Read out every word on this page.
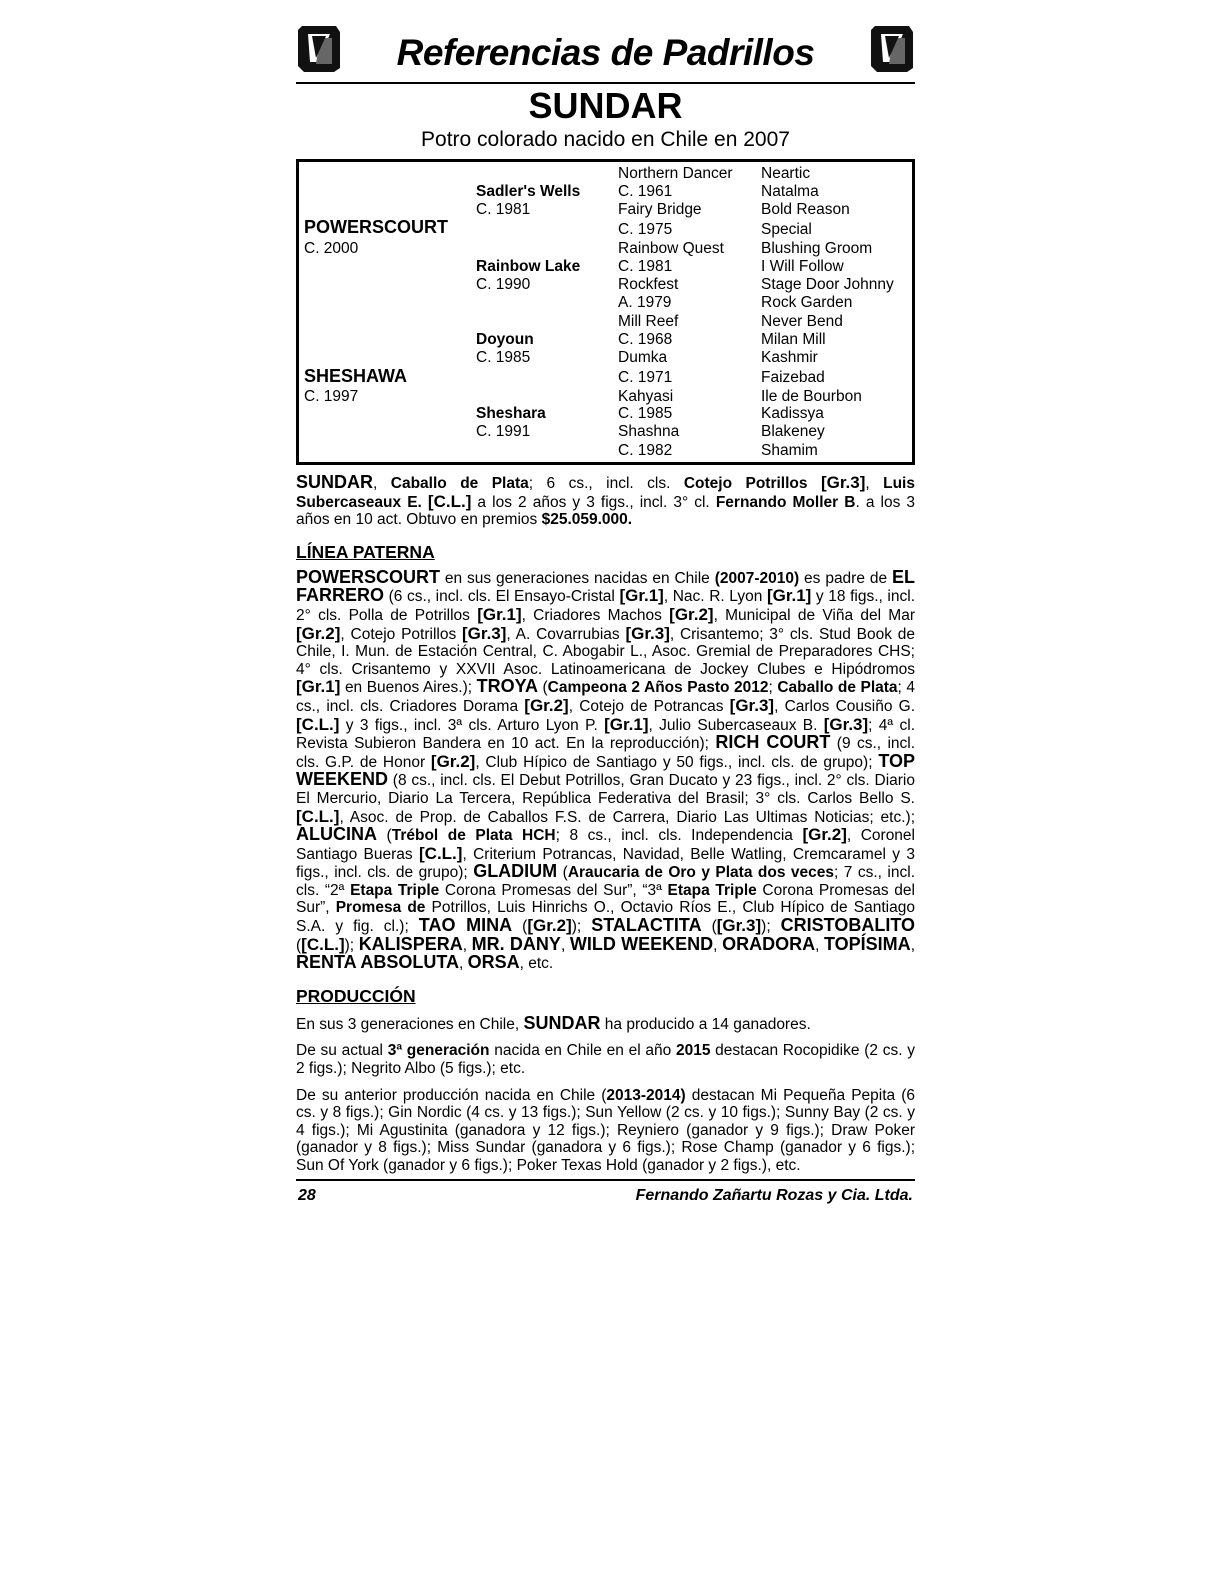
Referencias de Padrillos
SUNDAR
Potro colorado nacido en Chile en 2007
POWERSCOURT
C. 2000
SHESHAWA
C. 1997
Sadler's Wells
C. 1981
Rainbow Lake
C. 1990
Doyoun
C. 1985
Sheshara
C. 1991
Northern Dancer
C. 1961
Fairy Bridge
C. 1975
Rainbow Quest
C. 1981
Rockfest
A. 1979
Mill Reef
C. 1968
Dumka
C. 1971
Kahyasi
C. 1985
Shashna
C. 1982
Neartic
Natalma
Bold Reason
Special
Blushing Groom
I Will Follow
Stage Door Johnny
Rock Garden
Never Bend
Milan Mill
Kashmir
Faizebad
Ile de Bourbon
Kadissya
Blakeney
Shamim
SUNDAR, Caballo de Plata; 6 cs., incl. cls. Cotejo Potrillos [Gr.3], Luis Subercaseaux E. [C.L.] a los 2 años y 3 figs., incl. 3° cl. Fernando Moller B. a los 3 años en 10 act. Obtuvo en premios $25.059.000.
LÍNEA PATERNA
POWERSCOURT en sus generaciones nacidas en Chile (2007-2010) es padre de EL FARRERO (6 cs., incl. cls. El Ensayo-Cristal [Gr.1], Nac. R. Lyon [Gr.1] y 18 figs., incl. 2° cls. Polla de Potrillos [Gr.1], Criadores Machos [Gr.2], Municipal de Viña del Mar [Gr.2], Cotejo Potrillos [Gr.3], A. Covarrubias [Gr.3], Crisantemo; 3° cls. Stud Book de Chile, I. Mun. de Estación Central, C. Abogabir L., Asoc. Gremial de Preparadores CHS; 4° cls. Crisantemo y XXVII Asoc. Latinoamericana de Jockey Clubes e Hipódromos [Gr.1] en Buenos Aires.); TROYA (Campeona 2 Años Pasto 2012; Caballo de Plata; 4 cs., incl. cls. Criadores Dorama [Gr.2], Cotejo de Potrancas [Gr.3], Carlos Cousiño G. [C.L.] y 3 figs., incl. 3ª cls. Arturo Lyon P. [Gr.1], Julio Subercaseaux B. [Gr.3]; 4ª cl. Revista Subieron Bandera en 10 act. En la reproducción); RICH COURT (9 cs., incl. cls. G.P. de Honor [Gr.2], Club Hípico de Santiago y 50 figs., incl. cls. de grupo); TOP WEEKEND (8 cs., incl. cls. El Debut Potrillos, Gran Ducato y 23 figs., incl. 2° cls. Diario El Mercurio, Diario La Tercera, República Federativa del Brasil; 3° cls. Carlos Bello S. [C.L.], Asoc. de Prop. de Caballos F.S. de Carrera, Diario Las Ultimas Noticias; etc.); ALUCINA (Trébol de Plata HCH; 8 cs., incl. cls. Independencia [Gr.2], Coronel Santiago Bueras [C.L.], Criterium Potrancas, Navidad, Belle Watling, Cremcaramel y 3 figs., incl. cls. de grupo); GLADIUM (Araucaria de Oro y Plata dos veces; 7 cs., incl. cls. “2ª Etapa Triple Corona Promesas del Sur”, “3ª Etapa Triple Corona Promesas del Sur”, Promesa de Potrillos, Luis Hinrichs O., Octavio Ríos E., Club Hípico de Santiago S.A. y fig. cl.); TAO MINA ([Gr.2]); STALACTITA ([Gr.3]); CRISTOBALITO ([C.L.]); KALISPERA, MR. DANY, WILD WEEKEND, ORADORA, TOPÍSIMA, RENTA ABSOLUTA, ORSA, etc.
PRODUCCIÓN
En sus 3 generaciones en Chile, SUNDAR ha producido a 14 ganadores.
De su actual 3ª generación nacida en Chile en el año 2015 destacan Rocopidike (2 cs. y 2 figs.); Negrito Albo (5 figs.); etc.
De su anterior producción nacida en Chile (2013-2014) destacan Mi Pequeña Pepita (6 cs. y 8 figs.); Gin Nordic (4 cs. y 13 figs.); Sun Yellow (2 cs. y 10 figs.); Sunny Bay (2 cs. y 4 figs.); Mi Agustinita (ganadora y 12 figs.); Reyniero (ganador y 9 figs.); Draw Poker (ganador y 8 figs.); Miss Sundar (ganadora y 6 figs.); Rose Champ (ganador y 6 figs.); Sun Of York (ganador y 6 figs.); Poker Texas Hold (ganador y 2 figs.), etc.
28	Fernando Zañartu Rozas y Cia. Ltda.
